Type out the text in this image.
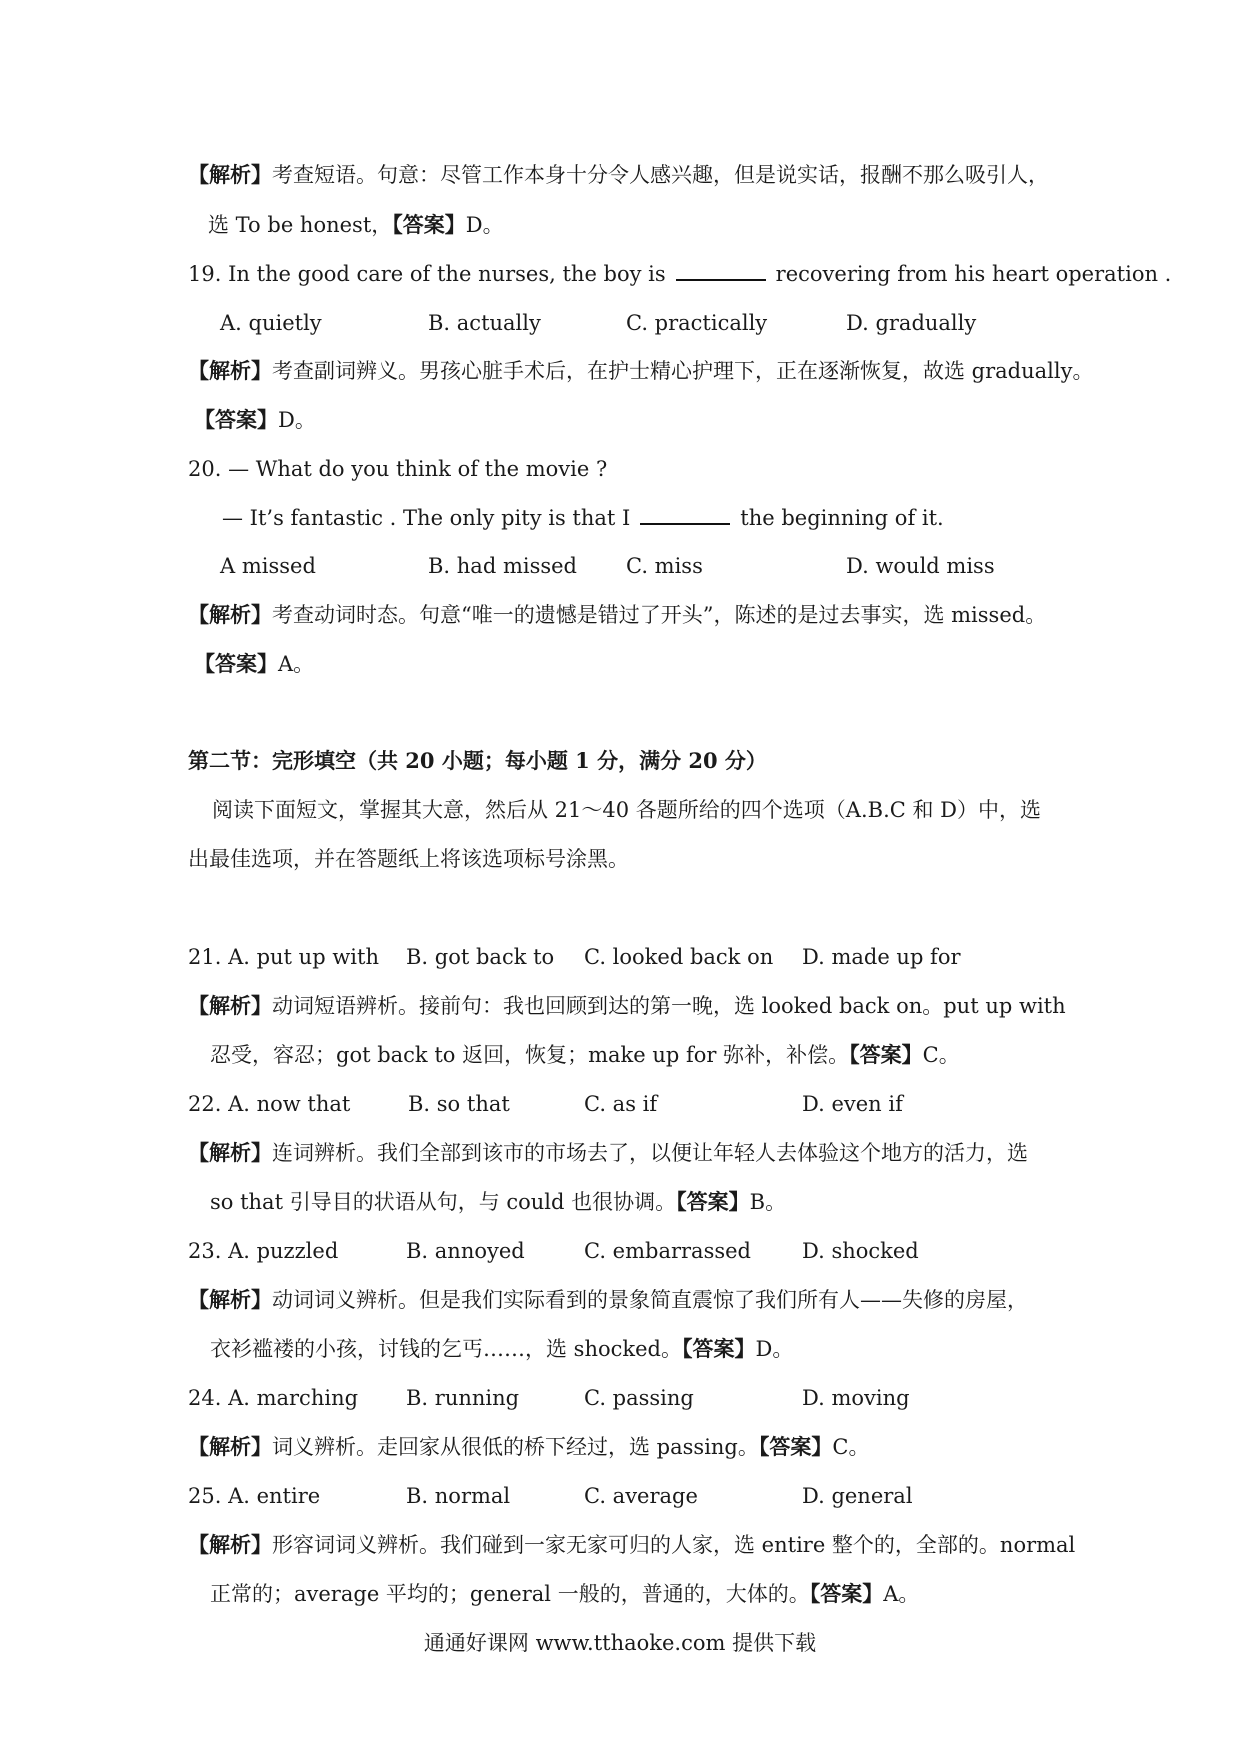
【解析】考查短语。句意：尽管工作本身十分令人感兴趣，但是说实话，报酬不那么吸引人，
选 To be honest，【答案】D。
19. In the good care of the nurses, the boy is	recovering from his heart operation .
A. quietly	B. actually	C. practically	D. gradually
【解析】考查副词辨义。男孩心脏手术后，在护士精心护理下，正在逐渐恢复，故选 gradually。
【答案】D。
20. — What do you think of the movie ?
— It’s fantastic . The only pity is that I	the beginning of it.
A missed	B. had missed C. miss	D. would miss
【解析】考查动词时态。句意“唯一的遗憾是错过了开头”，陈述的是过去事实，选 missed。
【答案】A。
第二节：完形填空（共 20 小题；每小题 1 分，满分 20 分）
阅读下面短文，掌握其大意，然后从 21～40 各题所给的四个选项（A.B.C 和 D）中，选
出最佳选项，并在答题纸上将该选项标号涂黑。
21. A. put up with B. got back to C. looked back on D. made up for
【解析】动词短语辨析。接前句：我也回顾到达的第一晚，选 looked back on。put up with
忍受，容忍；got back to 返回，恢复；make up for 弥补，补偿。【答案】C。
22. A. now that	B. so that	C. as if	D. even if
【解析】连词辨析。我们全部到该市的市场去了，以便让年轻人去体验这个地方的活力，选
so that 引导目的状语从句，与 could 也很协调。【答案】B。
23. A. puzzled	B. annoyed	C. embarrassed D. shocked
【解析】动词词义辨析。但是我们实际看到的景象简直震惊了我们所有人——失修的房屋，
衣衫褴褛的小孩，讨钱的乞丐……，选 shocked。【答案】D。
24. A. marching B. running	C. passing	D. moving
【解析】词义辨析。走回家从很低的桥下经过，选 passing。【答案】C。
25. A. entire	B. normal	C. average	D. general
【解析】形容词词义辨析。我们碰到一家无家可归的人家，选 entire 整个的，全部的。normal
正常的；average 平均的；general 一般的，普通的，大体的。【答案】A。
通通好课网 www.tthaoke.com 提供下载
